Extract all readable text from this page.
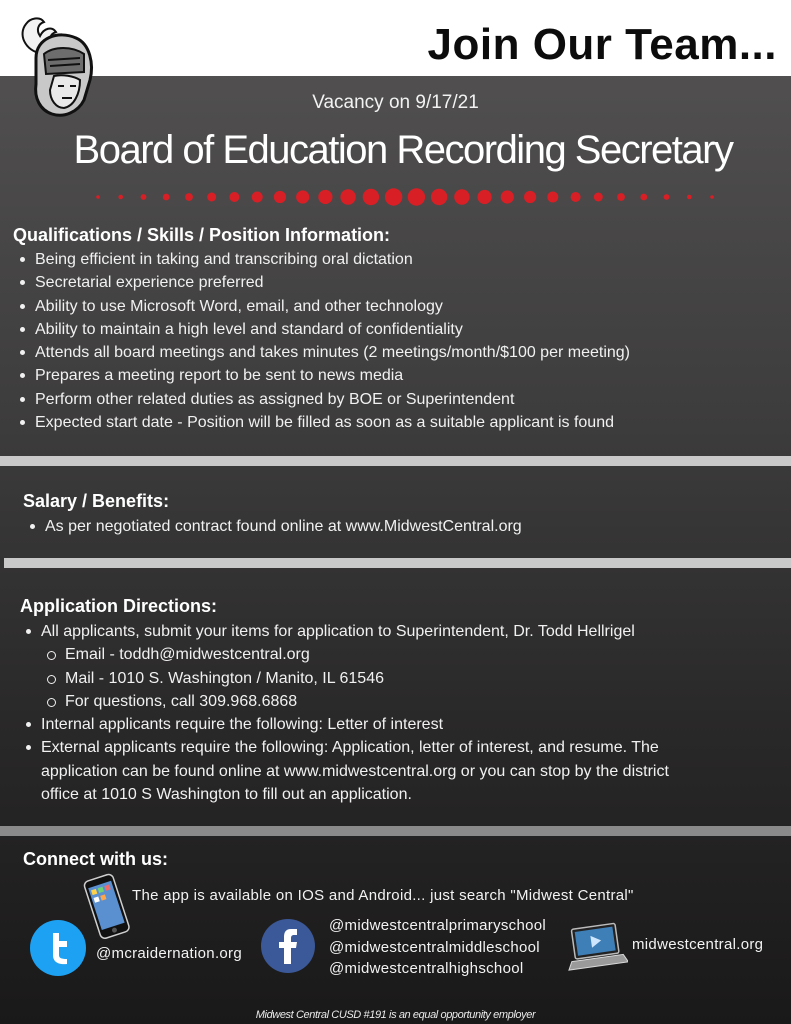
Join Our Team...
Vacancy on 9/17/21
Board of Education Recording Secretary
Qualifications / Skills / Position Information:
Being efficient in taking and transcribing oral dictation
Secretarial experience preferred
Ability to use Microsoft Word, email, and other technology
Ability to maintain a high level and standard of confidentiality
Attends all board meetings and takes minutes (2 meetings/month/$100 per meeting)
Prepares a meeting report to be sent to news media
Perform other related duties as assigned by BOE or Superintendent
Expected start date - Position will be filled as soon as a suitable applicant is found
Salary / Benefits:
As per negotiated contract found online at www.MidwestCentral.org
Application Directions:
All applicants, submit your items for application to Superintendent, Dr. Todd Hellrigel
Email - toddh@midwestcentral.org
Mail - 1010 S. Washington / Manito, IL 61546
For questions, call 309.968.6868
Internal applicants require the following: Letter of interest
External applicants require the following: Application, letter of interest, and resume. The
application can be found online at www.midwestcentral.org or you can stop by the district
office at 1010 S Washington to fill out an application.
Connect with us:
The app is available on IOS and Android... just search "Midwest Central"
@mcraidernation.org
@midwestcentralprimaryschool
@midwestcentralmiddleschool
@midwestcentralhighschool
midwestcentral.org
Midwest Central CUSD #191 is an equal opportunity employer
